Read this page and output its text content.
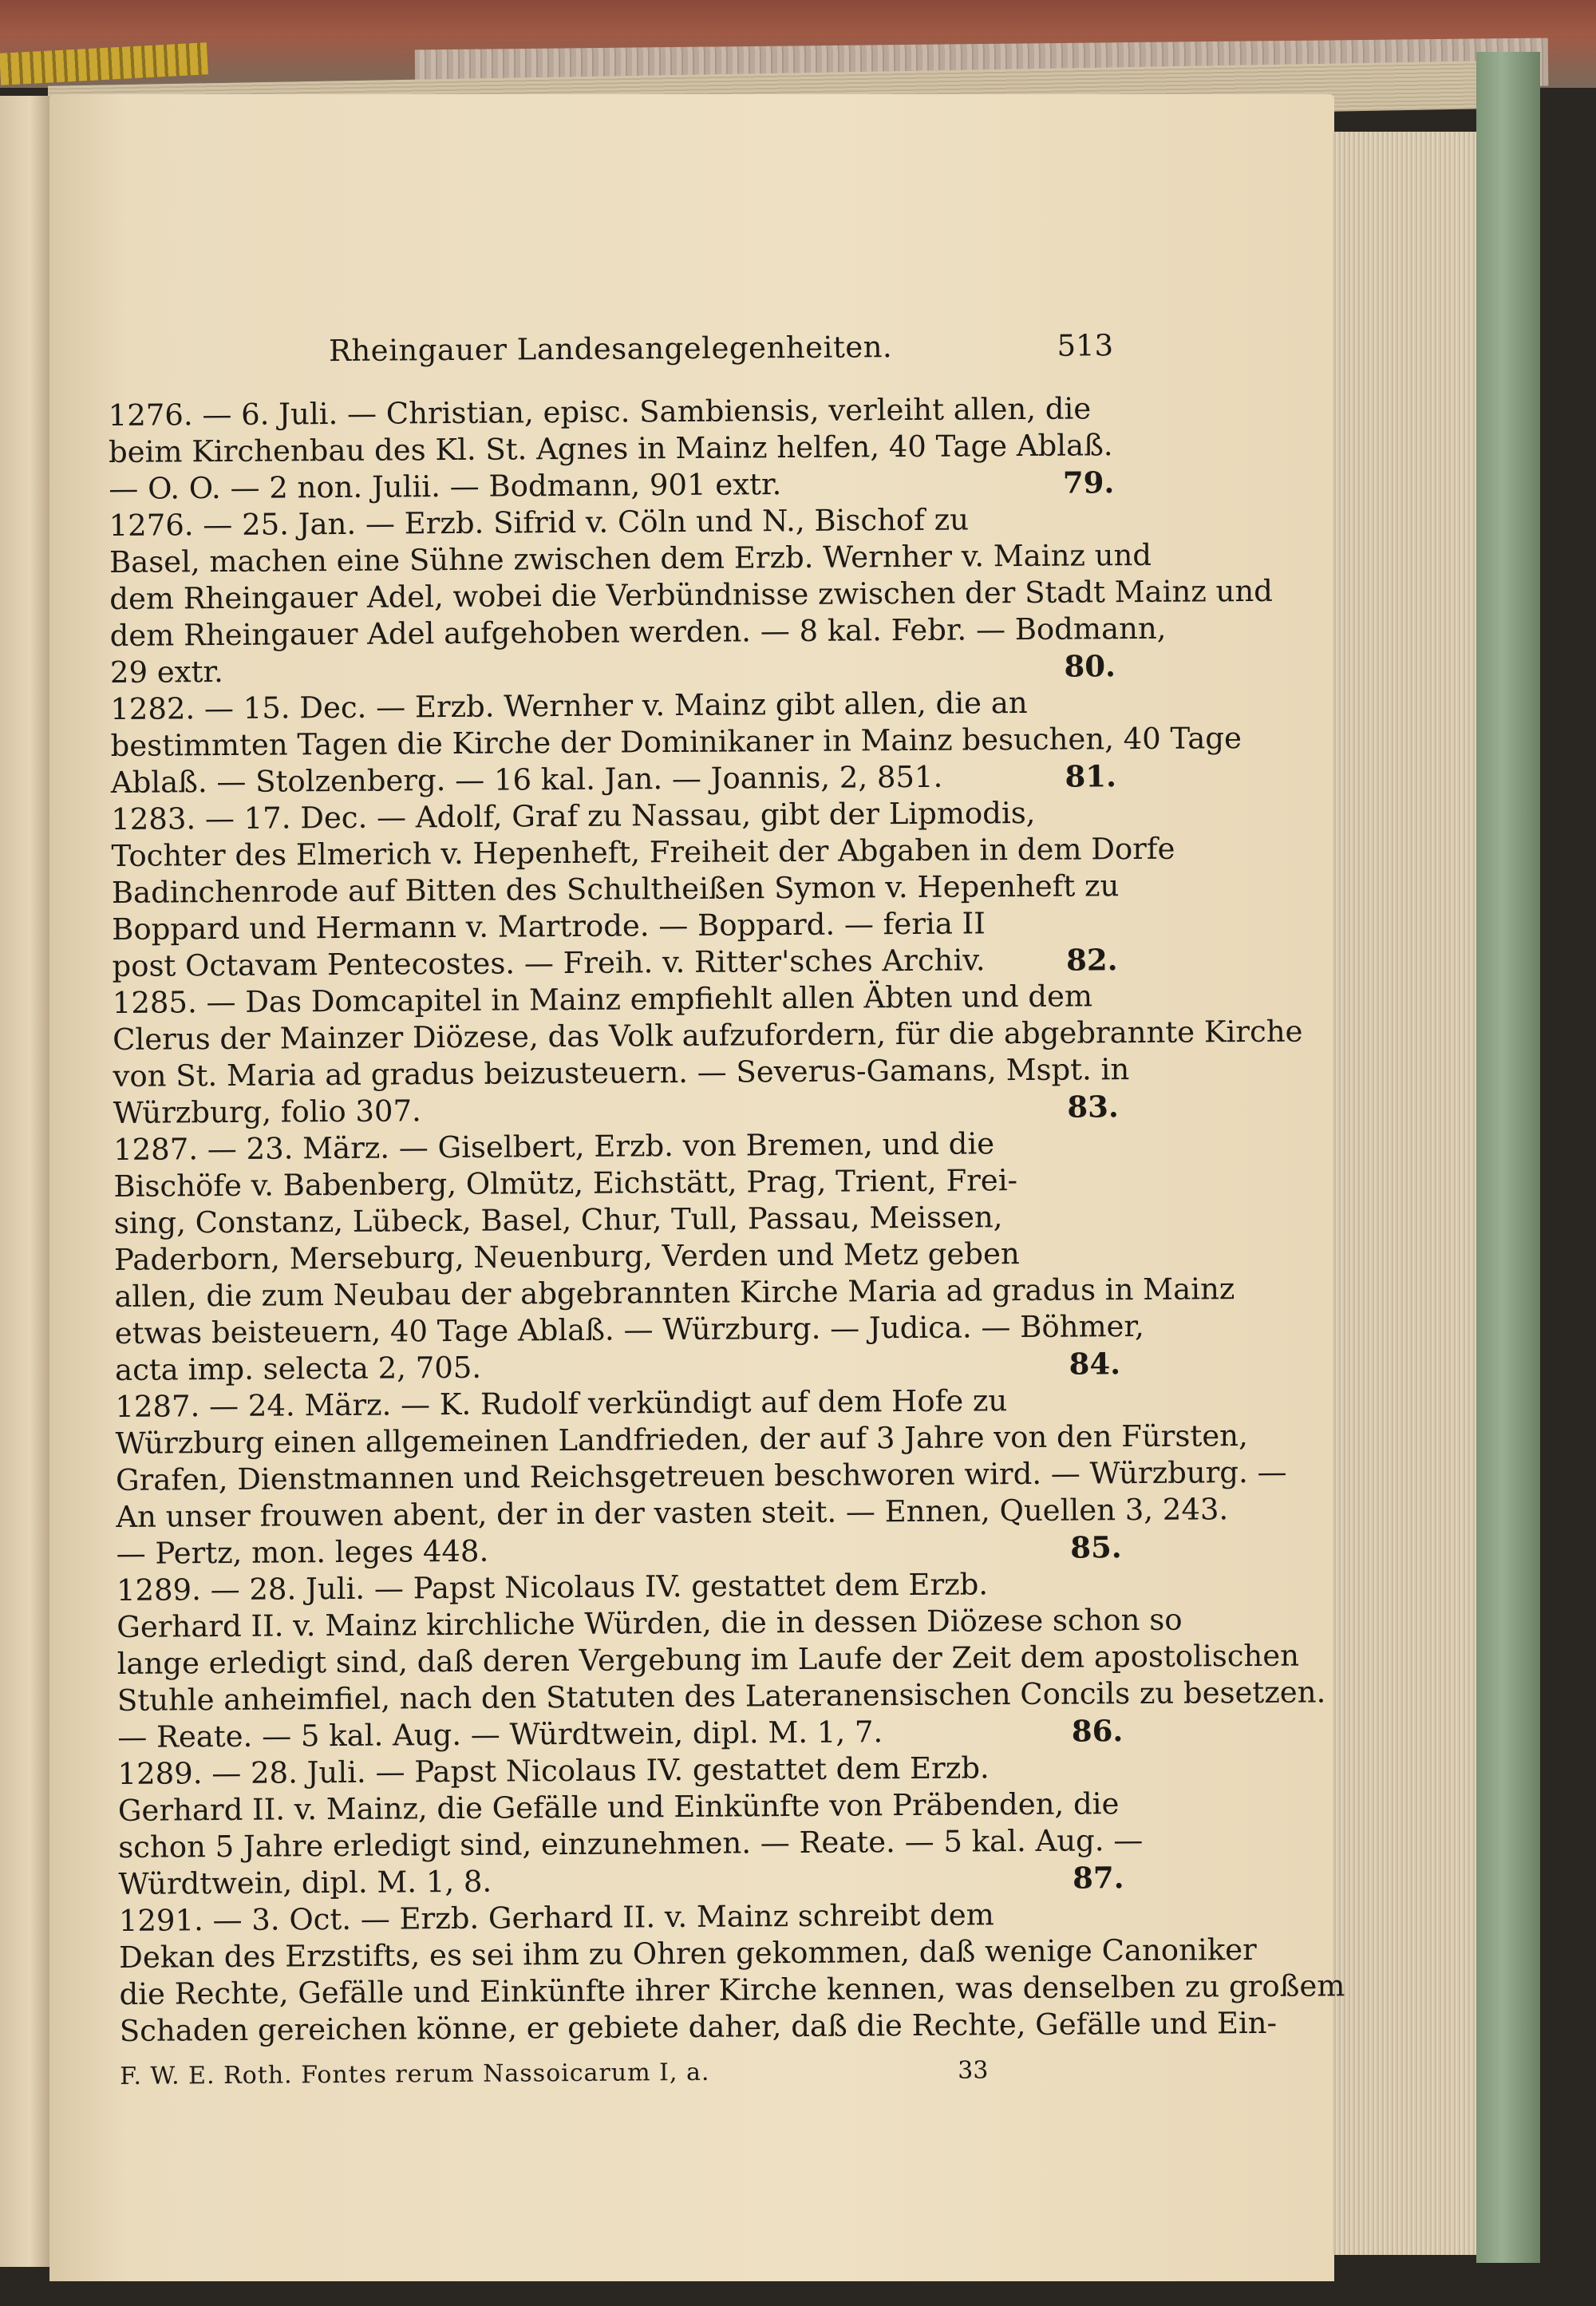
Rheingauer Landesangelegenheiten.	513
1276. — 6. Juli. — Christian, episc. Sambiensis, verleiht allen, die
beim Kirchenbau des Kl. St. Agnes in Mainz helfen, 40 Tage Ablaß.
— O. O. — 2 non. Julii. — Bodmann, 901 extr.	79.
1276. — 25. Jan. — Erzb. Sifrid v. Cöln und N., Bischof zu
Basel, machen eine Sühne zwischen dem Erzb. Wernher v. Mainz und
dem Rheingauer Adel, wobei die Verbündnisse zwischen der Stadt Mainz und
dem Rheingauer Adel aufgehoben werden. — 8 kal. Febr. — Bodmann,
29 extr.	80.
1282. — 15. Dec. — Erzb. Wernher v. Mainz gibt allen, die an
bestimmten Tagen die Kirche der Dominikaner in Mainz besuchen, 40 Tage
Ablaß. — Stolzenberg. — 16 kal. Jan. — Joannis, 2, 851.	81.
1283. — 17. Dec. — Adolf, Graf zu Nassau, gibt der Lipmodis,
Tochter des Elmerich v. Hepenheft, Freiheit der Abgaben in dem Dorfe
Badinchenrode auf Bitten des Schultheißen Symon v. Hepenheft zu
Boppard und Hermann v. Martrode. — Boppard. — feria II
post Octavam Pentecostes. — Freih. v. Ritter'sches Archiv.	82.
1285. — Das Domcapitel in Mainz empfiehlt allen Äbten und dem
Clerus der Mainzer Diözese, das Volk aufzufordern, für die abgebrannte Kirche
von St. Maria ad gradus beizusteuern. — Severus-Gamans, Mspt. in
Würzburg, folio 307.	83.
1287. — 23. März. — Giselbert, Erzb. von Bremen, und die
Bischöfe v. Babenberg, Olmütz, Eichstätt, Prag, Trient, Frei-
sing, Constanz, Lübeck, Basel, Chur, Tull, Passau, Meissen,
Paderborn, Merseburg, Neuenburg, Verden und Metz geben
allen, die zum Neubau der abgebrannten Kirche Maria ad gradus in Mainz
etwas beisteuern, 40 Tage Ablaß. — Würzburg. — Judica. — Böhmer,
acta imp. selecta 2, 705.	84.
1287. — 24. März. — K. Rudolf verkündigt auf dem Hofe zu
Würzburg einen allgemeinen Landfrieden, der auf 3 Jahre von den Fürsten,
Grafen, Dienstmannen und Reichsgetreuen beschworen wird. — Würzburg. —
An unser frouwen abent, der in der vasten steit. — Ennen, Quellen 3, 243.
— Pertz, mon. leges 448.	85.
1289. — 28. Juli. — Papst Nicolaus IV. gestattet dem Erzb.
Gerhard II. v. Mainz kirchliche Würden, die in dessen Diözese schon so
lange erledigt sind, daß deren Vergebung im Laufe der Zeit dem apostolischen
Stuhle anheimfiel, nach den Statuten des Lateranensischen Concils zu besetzen.
— Reate. — 5 kal. Aug. — Würdtwein, dipl. M. 1, 7.	86.
1289. — 28. Juli. — Papst Nicolaus IV. gestattet dem Erzb.
Gerhard II. v. Mainz, die Gefälle und Einkünfte von Präbenden, die
schon 5 Jahre erledigt sind, einzunehmen. — Reate. — 5 kal. Aug. —
Würdtwein, dipl. M. 1, 8.	87.
1291. — 3. Oct. — Erzb. Gerhard II. v. Mainz schreibt dem
Dekan des Erzstifts, es sei ihm zu Ohren gekommen, daß wenige Canoniker
die Rechte, Gefälle und Einkünfte ihrer Kirche kennen, was denselben zu großem
Schaden gereichen könne, er gebiete daher, daß die Rechte, Gefälle und Ein-
F. W. E. Roth. Fontes rerum Nassoicarum I, a.	33
